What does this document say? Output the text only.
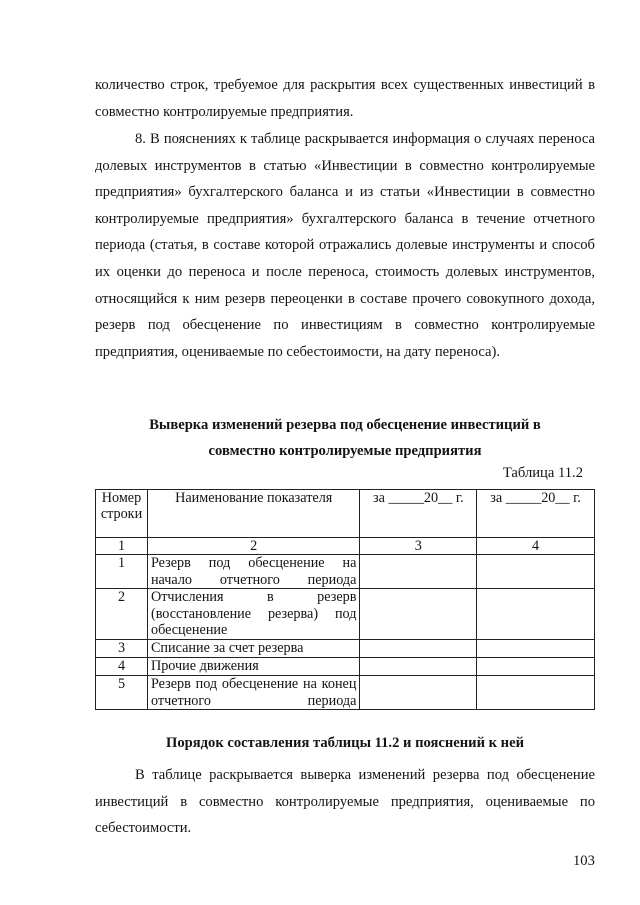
количество строк, требуемое для раскрытия всех существенных инвестиций в совместно контролируемые предприятия.

8. В пояснениях к таблице раскрывается информация о случаях переноса долевых инструментов в статью «Инвестиции в совместно контролируемые предприятия» бухгалтерского баланса и из статьи «Инвестиции в совместно контролируемые предприятия» бухгалтерского баланса в течение отчетного периода (статья, в составе которой отражались долевые инструменты и способ их оценки до переноса и после переноса, стоимость долевых инструментов, относящийся к ним резерв переоценки в составе прочего совокупного дохода, резерв под обесценение по инвестициям в совместно контролируемые предприятия, оцениваемые по себестоимости, на дату переноса).

Выверка изменений резерва под обесценение инвестиций в

совместно контролируемые предприятия

Таблица 11.2
Номер строки	Наименование показателя	за _____20__ г.	за _____20__ г.
1	2	3	4
1	Резерв под обесценение на начало отчетного периода		
2	Отчисления в резерв (восстановление резерва) под обесценение		
3	Списание за счет резерва		
4	Прочие движения		
5	Резерв под обесценение на конец отчетного периода		

Порядок составления таблицы 11.2 и пояснений к ней

В таблице раскрывается выверка изменений резерва под обесценение инвестиций в совместно контролируемые предприятия, оцениваемые по себестоимости.

103
